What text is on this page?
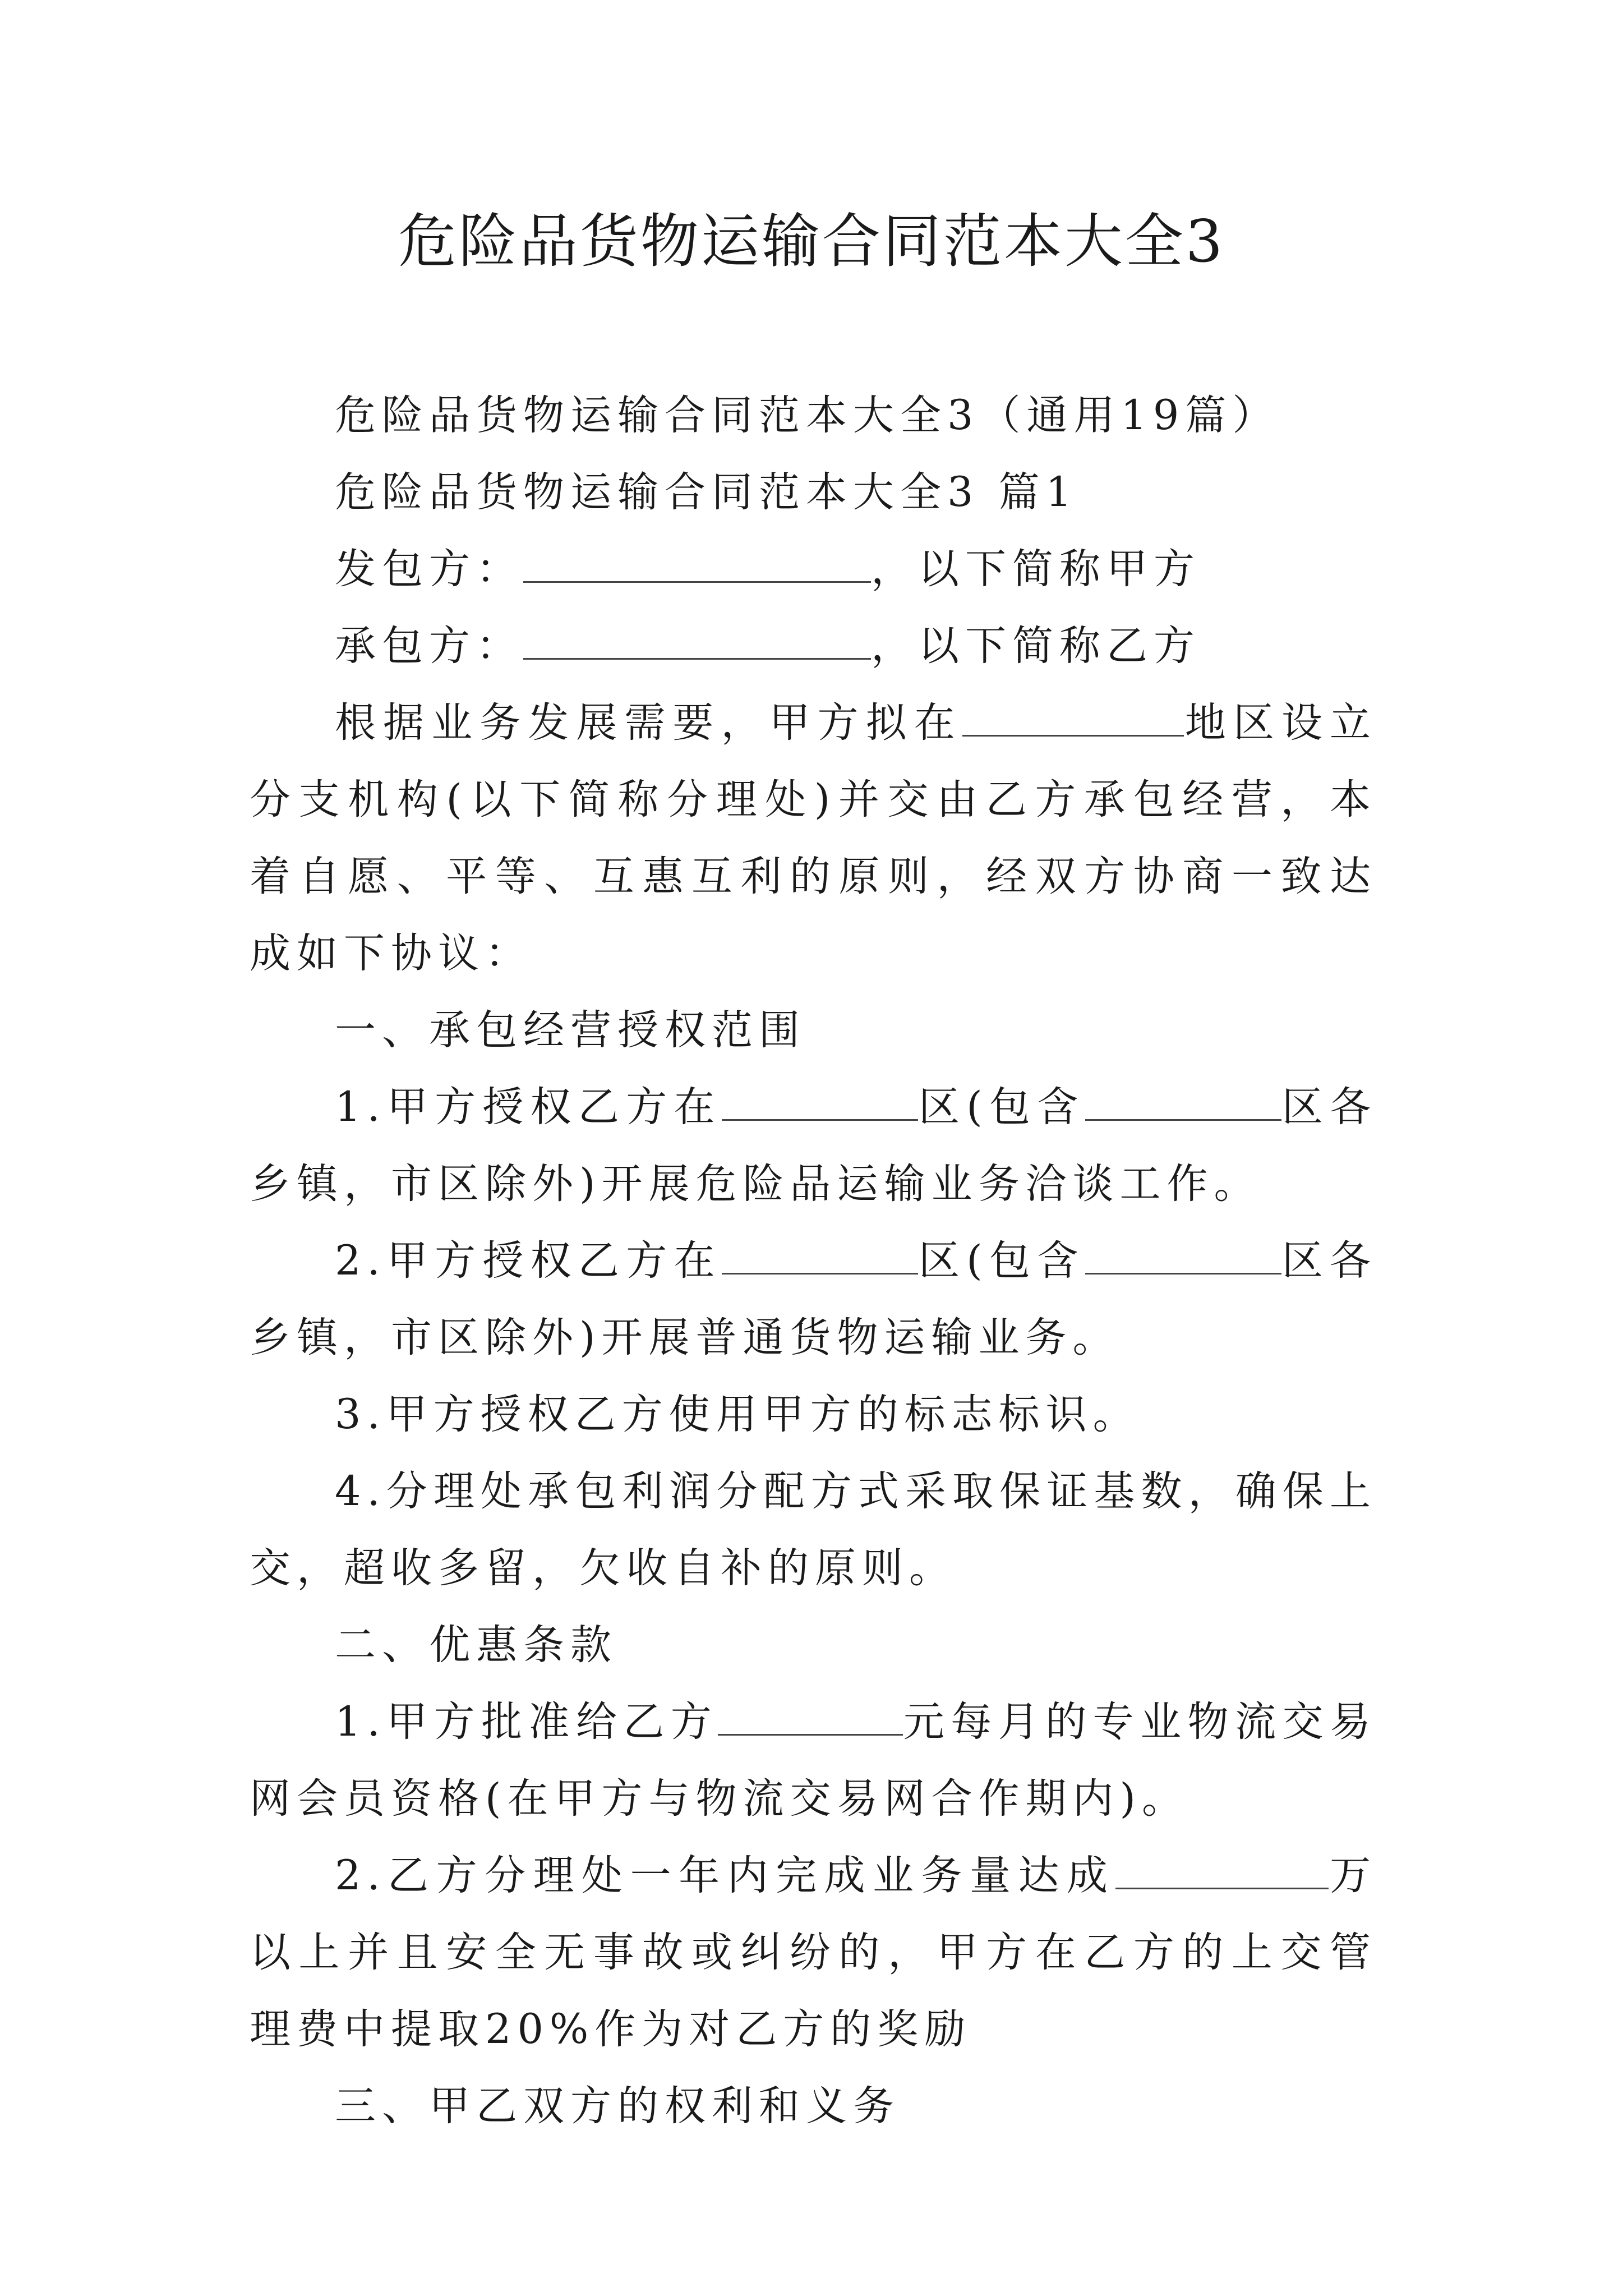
危险品货物运输合同范本大全3

危险品货物运输合同范本大全3（通用19篇）

危险品货物运输合同范本大全3 篇1

发包方：	，以下简称甲方

承包方：	，以下简称乙方

根据业务发展需要，甲方拟在	地区设立分支机构(以下简称分理处)并交由乙方承包经营，本着自愿、平等、互惠互利的原则，经双方协商一致达成如下协议：

一、承包经营授权范围

1.甲方授权乙方在	区(包含	区各乡镇，市区除外)开展危险品运输业务洽谈工作。

2.甲方授权乙方在	区(包含	区各乡镇，市区除外)开展普通货物运输业务。

3.甲方授权乙方使用甲方的标志标识。

4.分理处承包利润分配方式采取保证基数，确保上交，超收多留，欠收自补的原则。

二、优惠条款

1.甲方批准给乙方	元每月的专业物流交易网会员资格(在甲方与物流交易网合作期内)。

2.乙方分理处一年内完成业务量达成	万以上并且安全无事故或纠纷的，甲方在乙方的上交管理费中提取20%作为对乙方的奖励

三、甲乙双方的权利和义务
